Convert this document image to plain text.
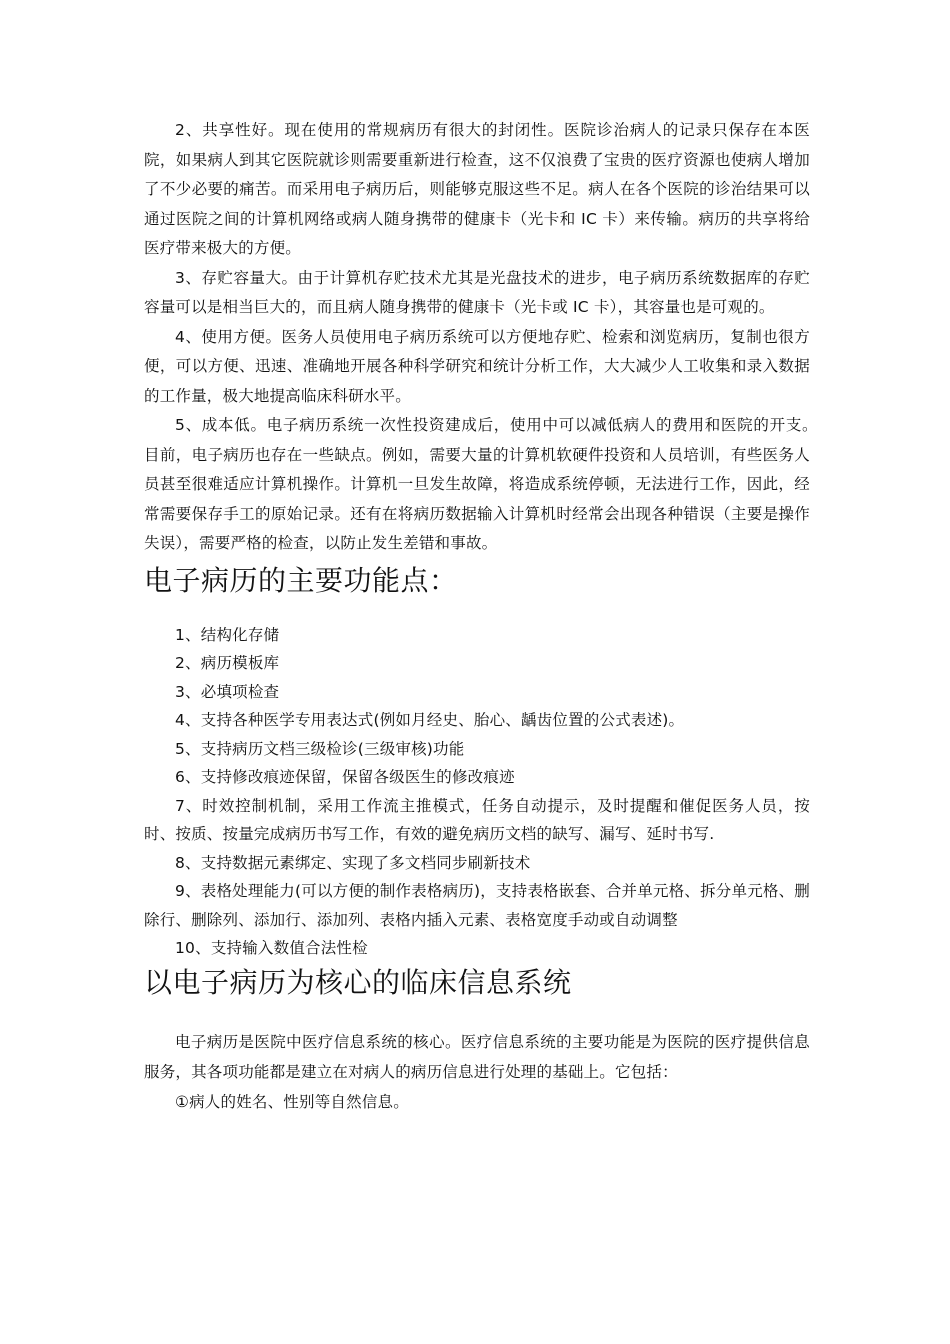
2、共享性好。现在使用的常规病历有很大的封闭性。医院诊治病人的记录只保存在本医院，如果病人到其它医院就诊则需要重新进行检查，这不仅浪费了宝贵的医疗资源也使病人增加了不少必要的痛苦。而采用电子病历后，则能够克服这些不足。病人在各个医院的诊治结果可以通过医院之间的计算机网络或病人随身携带的健康卡（光卡和 IC 卡）来传输。病历的共享将给医疗带来极大的方便。

3、存贮容量大。由于计算机存贮技术尤其是光盘技术的进步，电子病历系统数据库的存贮容量可以是相当巨大的，而且病人随身携带的健康卡（光卡或 IC 卡），其容量也是可观的。

4、使用方便。医务人员使用电子病历系统可以方便地存贮、检索和浏览病历，复制也很方便，可以方便、迅速、准确地开展各种科学研究和统计分析工作，大大减少人工收集和录入数据的工作量，极大地提高临床科研水平。

5、成本低。电子病历系统一次性投资建成后，使用中可以减低病人的费用和医院的开支。　目前，电子病历也存在一些缺点。例如，需要大量的计算机软硬件投资和人员培训，有些医务人员甚至很难适应计算机操作。计算机一旦发生故障，将造成系统停顿，无法进行工作，因此，经常需要保存手工的原始记录。还有在将病历数据输入计算机时经常会出现各种错误（主要是操作失误），需要严格的检查，以防止发生差错和事故。

电子病历的主要功能点：
1、结构化存储
2、病历模板库
3、必填项检查
4、支持各种医学专用表达式(例如月经史、胎心、龋齿位置的公式表述)。
5、支持病历文档三级检诊(三级审核)功能
6、支持修改痕迹保留，保留各级医生的修改痕迹
7、时效控制机制，采用工作流主推模式，任务自动提示，及时提醒和催促医务人员，按时、按质、按量完成病历书写工作，有效的避免病历文档的缺写、漏写、延时书写.
8、支持数据元素绑定、实现了多文档同步刷新技术
9、表格处理能力(可以方便的制作表格病历)，支持表格嵌套、合并单元格、拆分单元格、删除行、删除列、添加行、添加列、表格内插入元素、表格宽度手动或自动调整
10、支持输入数值合法性检
以电子病历为核心的临床信息系统

电子病历是医院中医疗信息系统的核心。医疗信息系统的主要功能是为医院的医疗提供信息服务，其各项功能都是建立在对病人的病历信息进行处理的基础上。它包括：

①病人的姓名、性别等自然信息。
